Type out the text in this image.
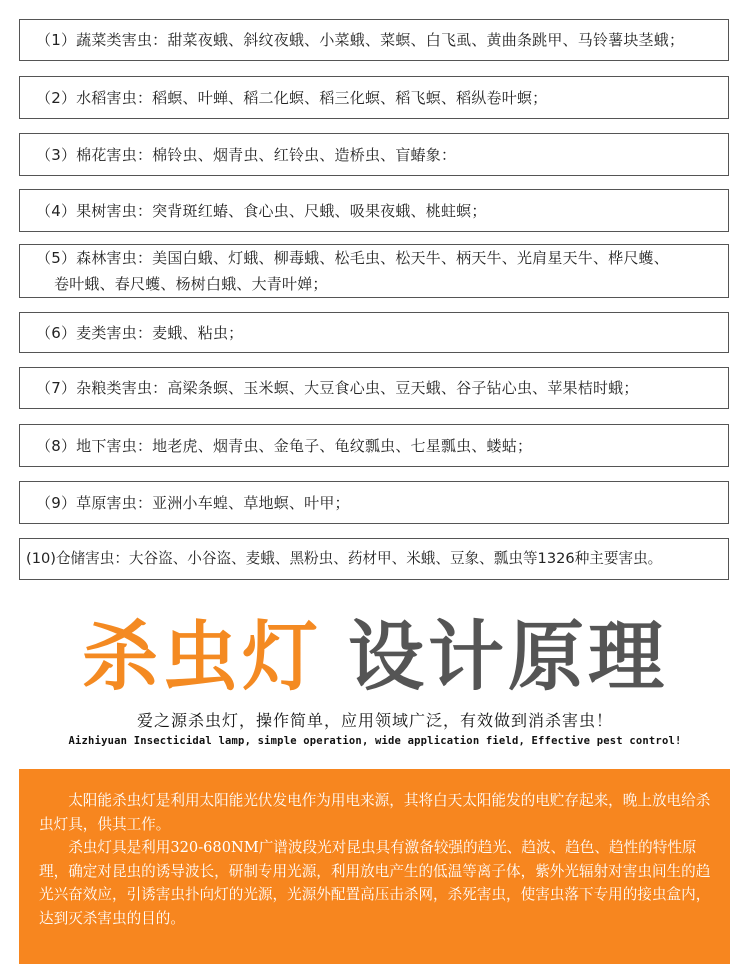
（1）蔬菜类害虫：甜菜夜蛾、斜纹夜蛾、小菜蛾、菜螟、白飞虱、黄曲条跳甲、马铃薯块茎蛾；
（2）水稻害虫：稻螟、叶蝉、稻二化螟、稻三化螟、稻飞螟、稻纵卷叶螟；
（3）棉花害虫：棉铃虫、烟青虫、红铃虫、造桥虫、盲蝽象：
（4）果树害虫：突背斑红蝽、食心虫、尺蛾、吸果夜蛾、桃蛀螟；
（5）森林害虫：美国白蛾、灯蛾、柳毒蛾、松毛虫、松天牛、柄天牛、光肩星天牛、桦尺蠖、
卷叶蛾、春尺蠖、杨树白蛾、大青叶婵；
（6）麦类害虫：麦蛾、粘虫；
（7）杂粮类害虫：高梁条螟、玉米螟、大豆食心虫、豆天蛾、谷子钻心虫、苹果桔时蛾；
（8）地下害虫：地老虎、烟青虫、金龟子、龟纹瓢虫、七星瓢虫、蝼蛄；
（9）草原害虫：亚洲小车蝗、草地螟、叶甲；
(10)仓储害虫：大谷盗、小谷盗、麦蛾、黑粉虫、药材甲、米蛾、豆象、瓢虫等1326种主要害虫。
杀虫灯 设计原理
爱之源杀虫灯，操作简单，应用领域广泛，有效做到消杀害虫！
Aizhiyuan Insecticidal lamp, simple operation, wide application field, Effective pest control!

太阳能杀虫灯是利用太阳能光伏发电作为用电来源，其将白天太阳能发的电贮存起来，晚上放电给杀虫灯具，供其工作。

杀虫灯具是利用320-680NM广谱波段光对昆虫具有激备较强的趋光、趋波、趋色、趋性的特性原理，确定对昆虫的诱导波长，研制专用光源，利用放电产生的低温等离子体，紫外光辐射对害虫间生的趋光兴奋效应，引诱害虫扑向灯的光源，光源外配置高压击杀网，杀死害虫，使害虫落下专用的接虫盒内，达到灭杀害虫的目的。
